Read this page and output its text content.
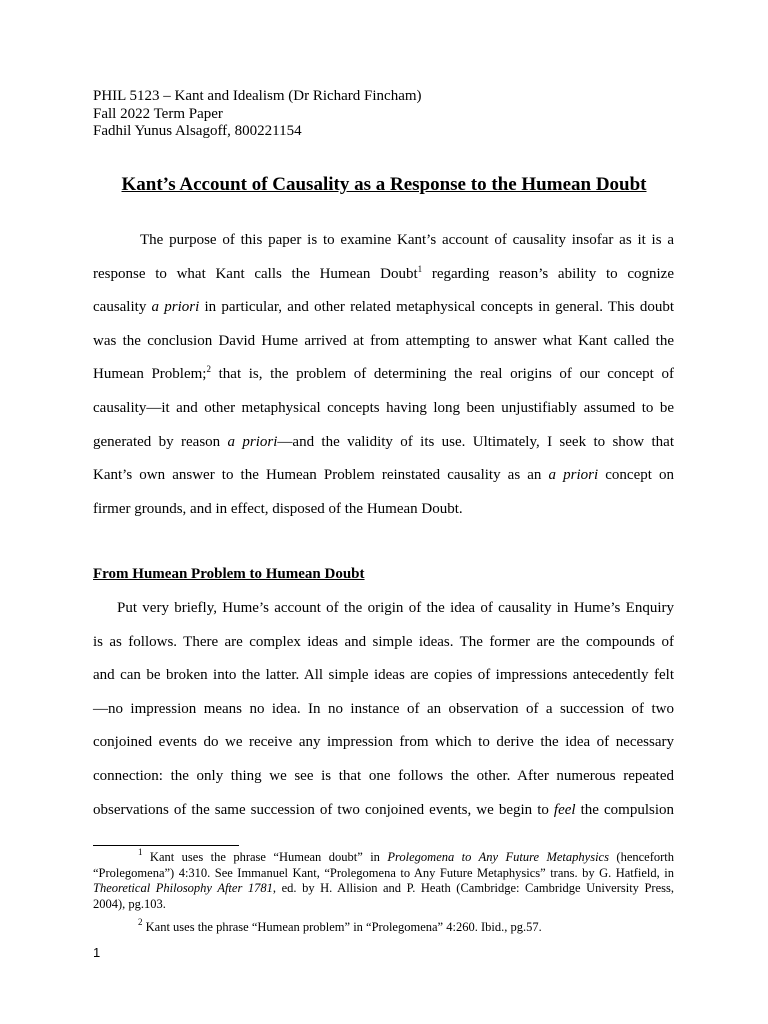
PHIL 5123 – Kant and Idealism (Dr Richard Fincham)
Fall 2022 Term Paper
Fadhil Yunus Alsagoff, 800221154
Kant’s Account of Causality as a Response to the Humean Doubt
The purpose of this paper is to examine Kant’s account of causality insofar as it is a
response to what Kant calls the Humean Doubt$^1$ regarding reason’s ability to cognize
causality a priori in particular, and other related metaphysical concepts in general. This doubt
was the conclusion David Hume arrived at from attempting to answer what Kant called the
Humean Problem;$^2$ that is, the problem of determining the real origins of our concept of
causality—it and other metaphysical concepts having long been unjustifiably assumed to be
generated by reason a priori—and the validity of its use. Ultimately, I seek to show that
Kant’s own answer to the Humean Problem reinstated causality as an a priori concept on
firmer grounds, and in effect, disposed of the Humean Doubt.
From Humean Problem to Humean Doubt
Put very briefly, Hume’s account of the origin of the idea of causality in Hume’s Enquiry
is as follows. There are complex ideas and simple ideas. The former are the compounds of
and can be broken into the latter. All simple ideas are copies of impressions antecedently felt
—no impression means no idea. In no instance of an observation of a succession of two
conjoined events do we receive any impression from which to derive the idea of necessary
connection: the only thing we see is that one follows the other. After numerous repeated
observations of the same succession of two conjoined events, we begin to feel the compulsion
$^1$ Kant uses the phrase “Humean doubt” in Prolegomena to Any Future Metaphysics (henceforth
“Prolegomena”) 4:310. See Immanuel Kant, “Prolegomena to Any Future Metaphysics” trans. by G. Hatfield, in
Theoretical Philosophy After 1781, ed. by H. Allision and P. Heath (Cambridge: Cambridge University Press,
2004), pg.103.
$^2$ Kant uses the phrase “Humean problem” in “Prolegomena” 4:260. Ibid., pg.57.
1
